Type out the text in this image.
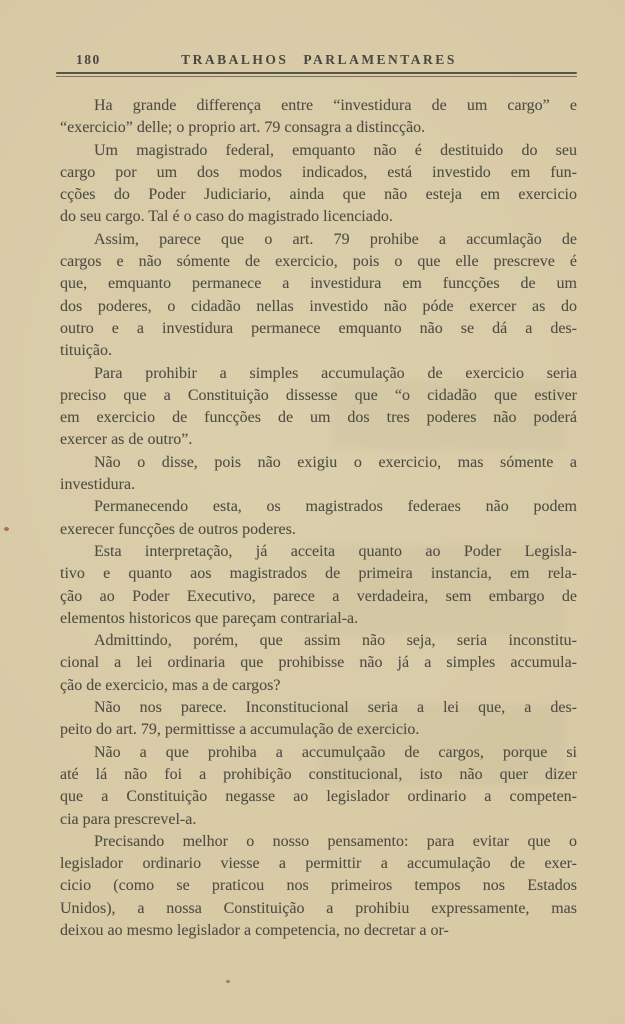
180	TRABALHOS PARLAMENTARES
Ha grande differença entre “investidura de um cargo” e
“exercicio” delle; o proprio art. 79 consagra a distincção.
Um magistrado federal, emquanto não é destituido do seu
cargo por um dos modos indicados, está investido em fun-
cções do Poder Judiciario, ainda que não esteja em exercicio
do seu cargo. Tal é o caso do magistrado licenciado.
Assim, parece que o art. 79 prohibe a accumlação de
cargos e não sómente de exercicio, pois o que elle prescreve é
que, emquanto permanece a investidura em funcções de um
dos poderes, o cidadão nellas investido não póde exercer as do
outro e a investidura permanece emquanto não se dá a des-
tituição.
Para prohibir a simples accumulação de exercicio seria
preciso que a Constituição dissesse que “o cidadão que estiver
em exercicio de funcções de um dos tres poderes não poderá
exercer as de outro”.
Não o disse, pois não exigiu o exercicio, mas sómente a
investidura.
Permanecendo esta, os magistrados federaes não podem
exerecer funcções de outros poderes.
Esta interpretação, já acceita quanto ao Poder Legisla-
tivo e quanto aos magistrados de primeira instancia, em rela-
ção ao Poder Executivo, parece a verdadeira, sem embargo de
elementos historicos que pareçam contrarial-a.
Admittindo, porém, que assim não seja, seria inconstitu-
cional a lei ordinaria que prohibisse não já a simples accumula-
ção de exercicio, mas a de cargos?
Não nos parece. Inconstitucional seria a lei que, a des-
peito do art. 79, permittisse a accumulação de exercicio.
Não a que prohiba a accumulçaão de cargos, porque si
até lá não foi a prohibição constitucional, isto não quer dizer
que a Constituição negasse ao legislador ordinario a competen-
cia para prescrevel-a.
Precisando melhor o nosso pensamento: para evitar que o
legislador ordinario viesse a permittir a accumulação de exer-
cicio (como se praticou nos primeiros tempos nos Estados
Unidos), a nossa Constituição a prohibiu expressamente, mas
deixou ao mesmo legislador a competencia, no decretar a or-
